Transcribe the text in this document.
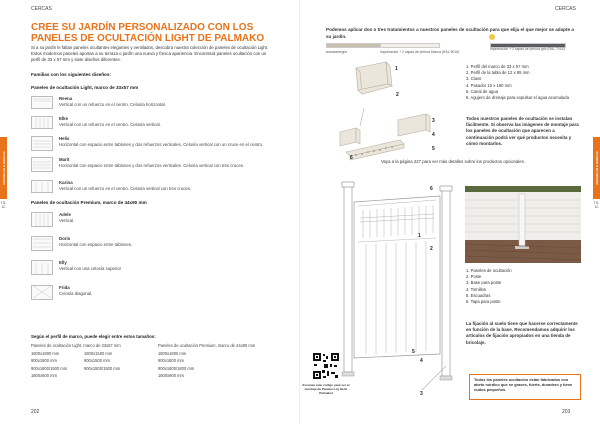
CERCAS
PERGOLAS E CERCAS
TG-1C
CREE SU JARDÍN PERSONALIZADO CON LOS PANELES DE OCULTACIÓN LIGHT DE PALMAKO
Si a su jardín le faltan paneles ocultantes elegantes y ventilados, descubra nuestra colección de paneles de ocultación Light. Estos modernos paneles aportan a su terraza o jardín una nueva y fresca apariencia. Encontrará paneles ocultación con un perfil de 33 x 57 mm y siete diseños diferentes.
Familias con los siguientes diseños:
Paneles de ocultación Light, marco de 33x57 mm
Reena
Vertical con un refuerzo en el centro. Celosía horizontal.
Elke
Vertical con un refuerzo en el centro. Celosía vertical.
Helis
Horizontal con espacio entre tablones y dos refuerzos verticales. Celosía vertical con un cruce en el centro.
Marit
Horizontal con espacio entre tablones y dos refuerzos verticales. Celosía vertical con tres cruces.
Karina
Vertical con un refuerzo en el centro. Celosía vertical con tres cruces.
Paneles de ocultación Premium, marco de 44x90 mm
Adele
Vertical.
Doris
Horizontal con espacio entre tablones.
Elly
Vertical con una celosía superior
Frida
Celosía diagonal.
Según el perfil de marco, puede elegir entre estos tamaños:
Paneles de ocultación Light, marco de 33x57 mm	Paneles de ocultación Premium, marco de 44x90 mm
1800x1800 mm
900x1800 mm
900x1800/1500 mm
1800x600 mm
1800x1500 mm
900x1500 mm
900x1500/1500 mm
1800x1800 mm
900x1800 mm
900x1800/1800 mm
1800x900 mm
202
CERCAS
PERGOLAS E CERCAS
TG-1C
Podemos aplicar dos o tres tratamientos a nuestros paneles de ocultación para que elija el que mejor se adapte a su jardín.
autoclavergris	imprimación + 2 capas de pintura blanca (RAL 9016)
imprimación + 2 capas de pintura gris (RAL 7016)
1
2
3
4
5
6
1. Perfil del marco de 33 x 57 mm
2. Perfil de la tabla de 12 x 95 mm
3. Clavo
4. Pasador 10 x 160 mm
5. Canal de agua
6. Agujero de drenaje para expulsar el agua acumulada
Todos nuestros paneles de ocultación se instalan fácilmente. Si observa las imágenes de montaje para los paneles de ocultación que aparecen a continuación podrá ver qué productos necesita y cómo montarlos.
Vaya a la página 227 para ver más detalles sobre los productos opcionales.
6
1
2
3
4
5
Escanee este código para ver el montaje de Paneles Lig Helis Palmakol
1. Paneles de ocultación
2. Poste
3. Base para poste
4. Tornillos
5. Escuadras
6. Tapa para poste
La fijación al suelo tiene que hacerse correctamente en función de la base. Recomendamos adquirir los artículos de fijación apropiados en una tienda de bricolaje.
Todos los paneles ocultación están fabricados con abeto nórdico que se graves, fuerte, duradero y tiene nudos pequeños.
203
